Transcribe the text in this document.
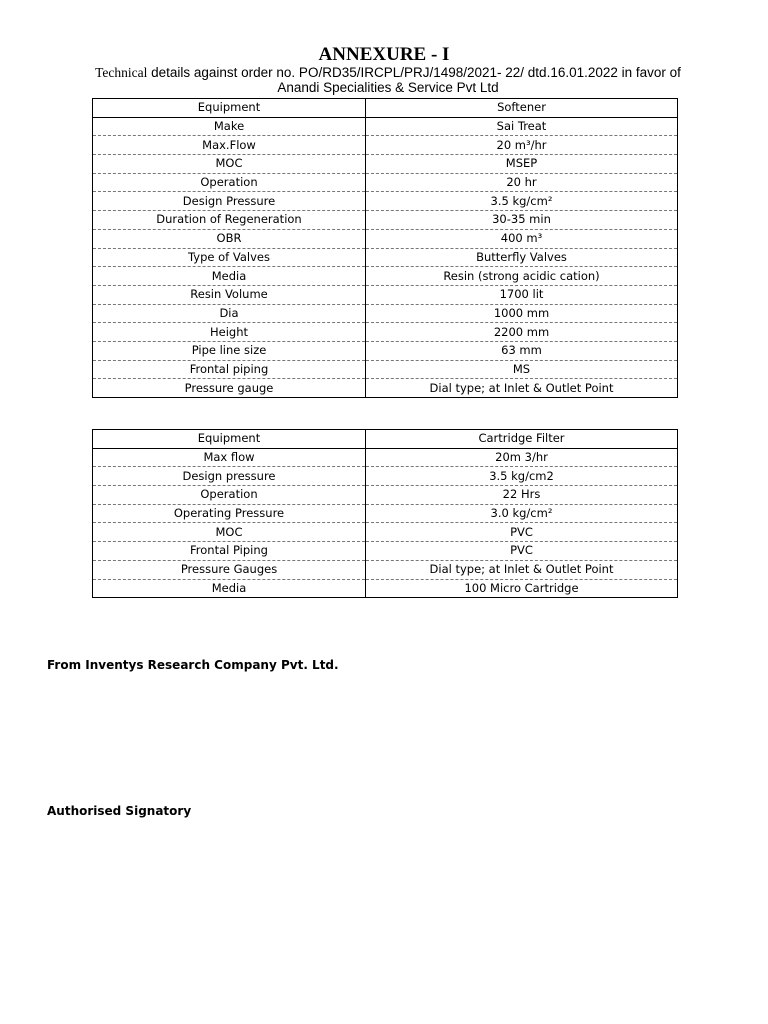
ANNEXURE - I
Technical details against order no. PO/RD35/IRCPL/PRJ/1498/2021- 22/ dtd.16.01.2022 in favor of
Anandi Specialities & Service Pvt Ltd
Equipment	Softener
Make	Sai Treat
Max.Flow	20 m³/hr
MOC	MSEP
Operation	20 hr
Design Pressure	3.5 kg/cm²
Duration of Regeneration	30-35 min
OBR	400 m³
Type of Valves	Butterfly Valves
Media	Resin (strong acidic cation)
Resin Volume	1700 lit
Dia	1000 mm
Height	2200 mm
Pipe line size	63 mm
Frontal piping	MS
Pressure gauge	Dial type; at Inlet & Outlet Point
Equipment	Cartridge Filter
Max flow	20m 3/hr
Design pressure	3.5 kg/cm2
Operation	22 Hrs
Operating Pressure	3.0 kg/cm²
MOC	PVC
Frontal Piping	PVC
Pressure Gauges	Dial type; at Inlet & Outlet Point
Media	100 Micro Cartridge
From Inventys Research Company Pvt. Ltd.
Authorised Signatory
